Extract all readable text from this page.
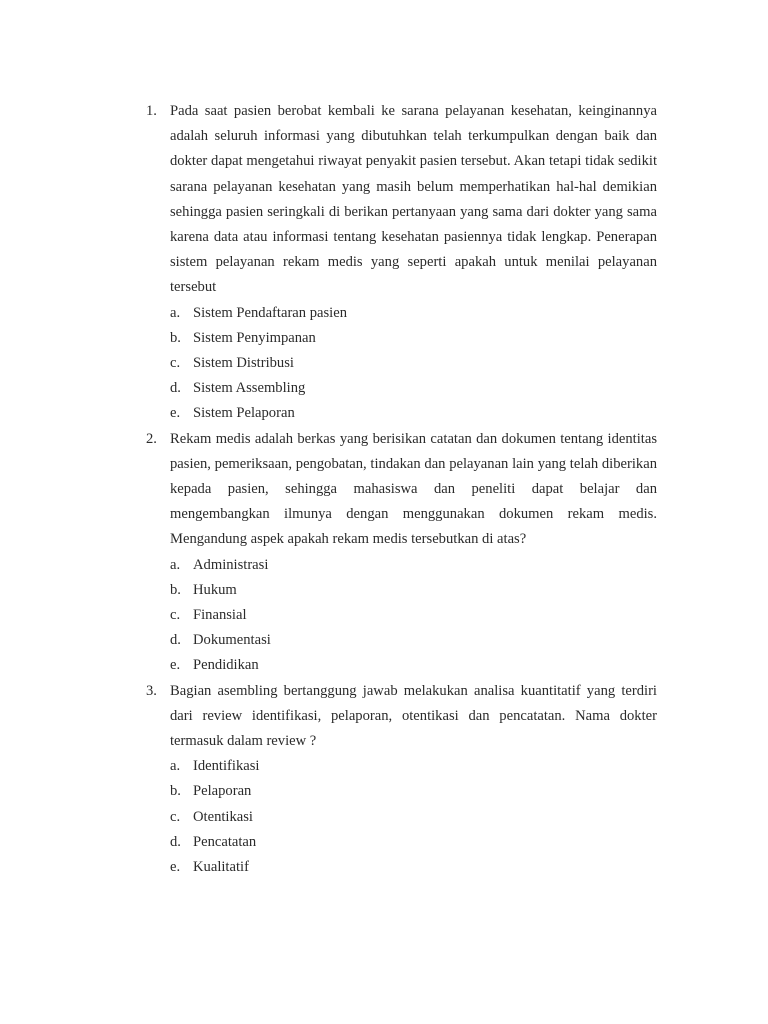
1. Pada saat pasien berobat kembali ke sarana pelayanan kesehatan, keinginannya adalah seluruh informasi yang dibutuhkan telah terkumpulkan dengan baik dan dokter dapat mengetahui riwayat penyakit pasien tersebut. Akan tetapi tidak sedikit sarana pelayanan kesehatan yang masih belum memperhatikan hal-hal demikian sehingga pasien seringkali di berikan pertanyaan yang sama dari dokter yang sama karena data atau informasi tentang kesehatan pasiennya tidak lengkap. Penerapan sistem pelayanan rekam medis yang seperti apakah untuk menilai pelayanan tersebut
a. Sistem Pendaftaran pasien
b. Sistem Penyimpanan
c. Sistem Distribusi
d. Sistem Assembling
e. Sistem Pelaporan
2. Rekam medis adalah berkas yang berisikan catatan dan dokumen tentang identitas pasien, pemeriksaan, pengobatan, tindakan dan pelayanan lain yang telah diberikan kepada pasien, sehingga mahasiswa dan peneliti dapat belajar dan mengembangkan ilmunya dengan menggunakan dokumen rekam medis. Mengandung aspek apakah rekam medis tersebutkan di atas?
a. Administrasi
b. Hukum
c. Finansial
d. Dokumentasi
e. Pendidikan
3. Bagian asembling bertanggung jawab melakukan analisa kuantitatif yang terdiri dari review identifikasi, pelaporan, otentikasi dan pencatatan. Nama dokter termasuk dalam review ?
a. Identifikasi
b. Pelaporan
c. Otentikasi
d. Pencatatan
e. Kualitatif
